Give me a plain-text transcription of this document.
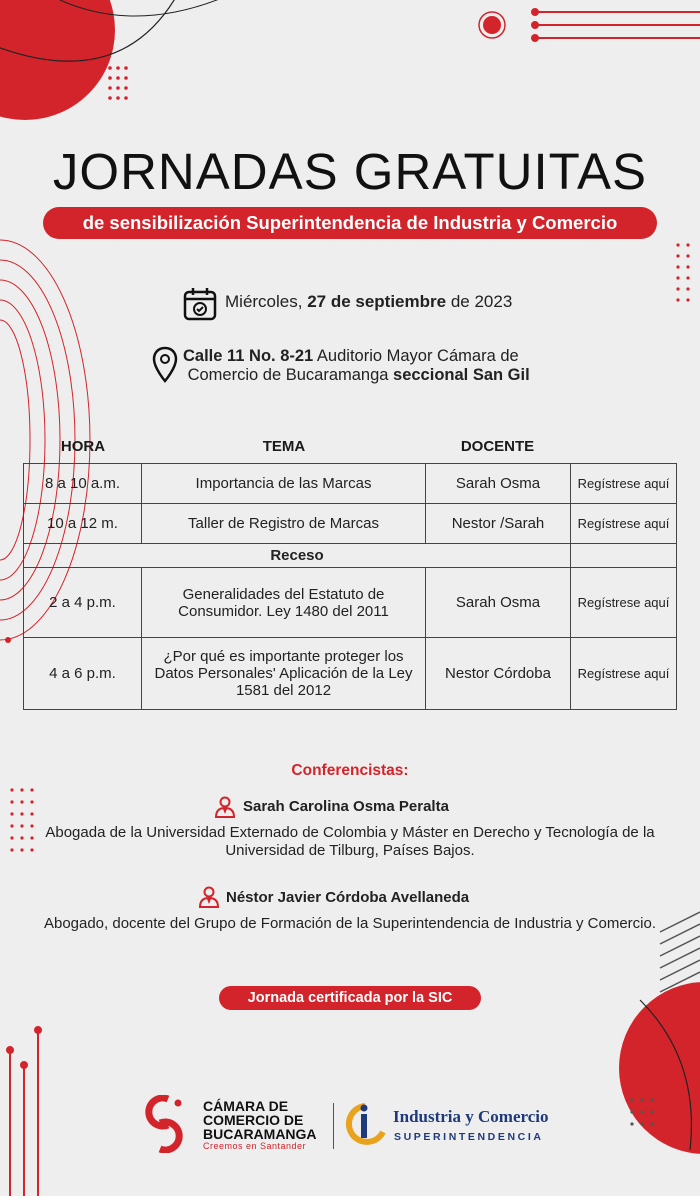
JORNADAS GRATUITAS
de sensibilización Superintendencia de Industria y Comercio
Miércoles, 27 de septiembre de 2023
Calle 11 No. 8-21 Auditorio Mayor Cámara de
Comercio de Bucaramanga seccional San Gil
HORA	TEMA	DOCENTE
8 a 10 a.m.	Importancia de las Marcas	Sarah Osma	Regístrese aquí
10 a 12 m.	Taller de Registro de Marcas	Nestor /Sarah	Regístrese aquí
Receso			
2 a 4 p.m.	Generalidades del Estatuto de Consumidor. Ley 1480 del 2011	Sarah Osma	Regístrese aquí
4 a 6 p.m.	¿Por qué es importante proteger los Datos Personales' Aplicación de la Ley 1581 del 2012	Nestor Córdoba	Regístrese aquí
Conferencistas:
Sarah Carolina Osma Peralta
Abogada de la Universidad Externado de Colombia y Máster en Derecho y Tecnología de la Universidad de Tilburg, Países Bajos.
Néstor Javier Córdoba Avellaneda
Abogado, docente del Grupo de Formación de la Superintendencia de Industria y Comercio.
Jornada certificada por la SIC
CÁMARA DE
COMERCIO DE
BUCARAMANGA
Creemos en Santander
Industria y Comercio
SUPERINTENDENCIA
